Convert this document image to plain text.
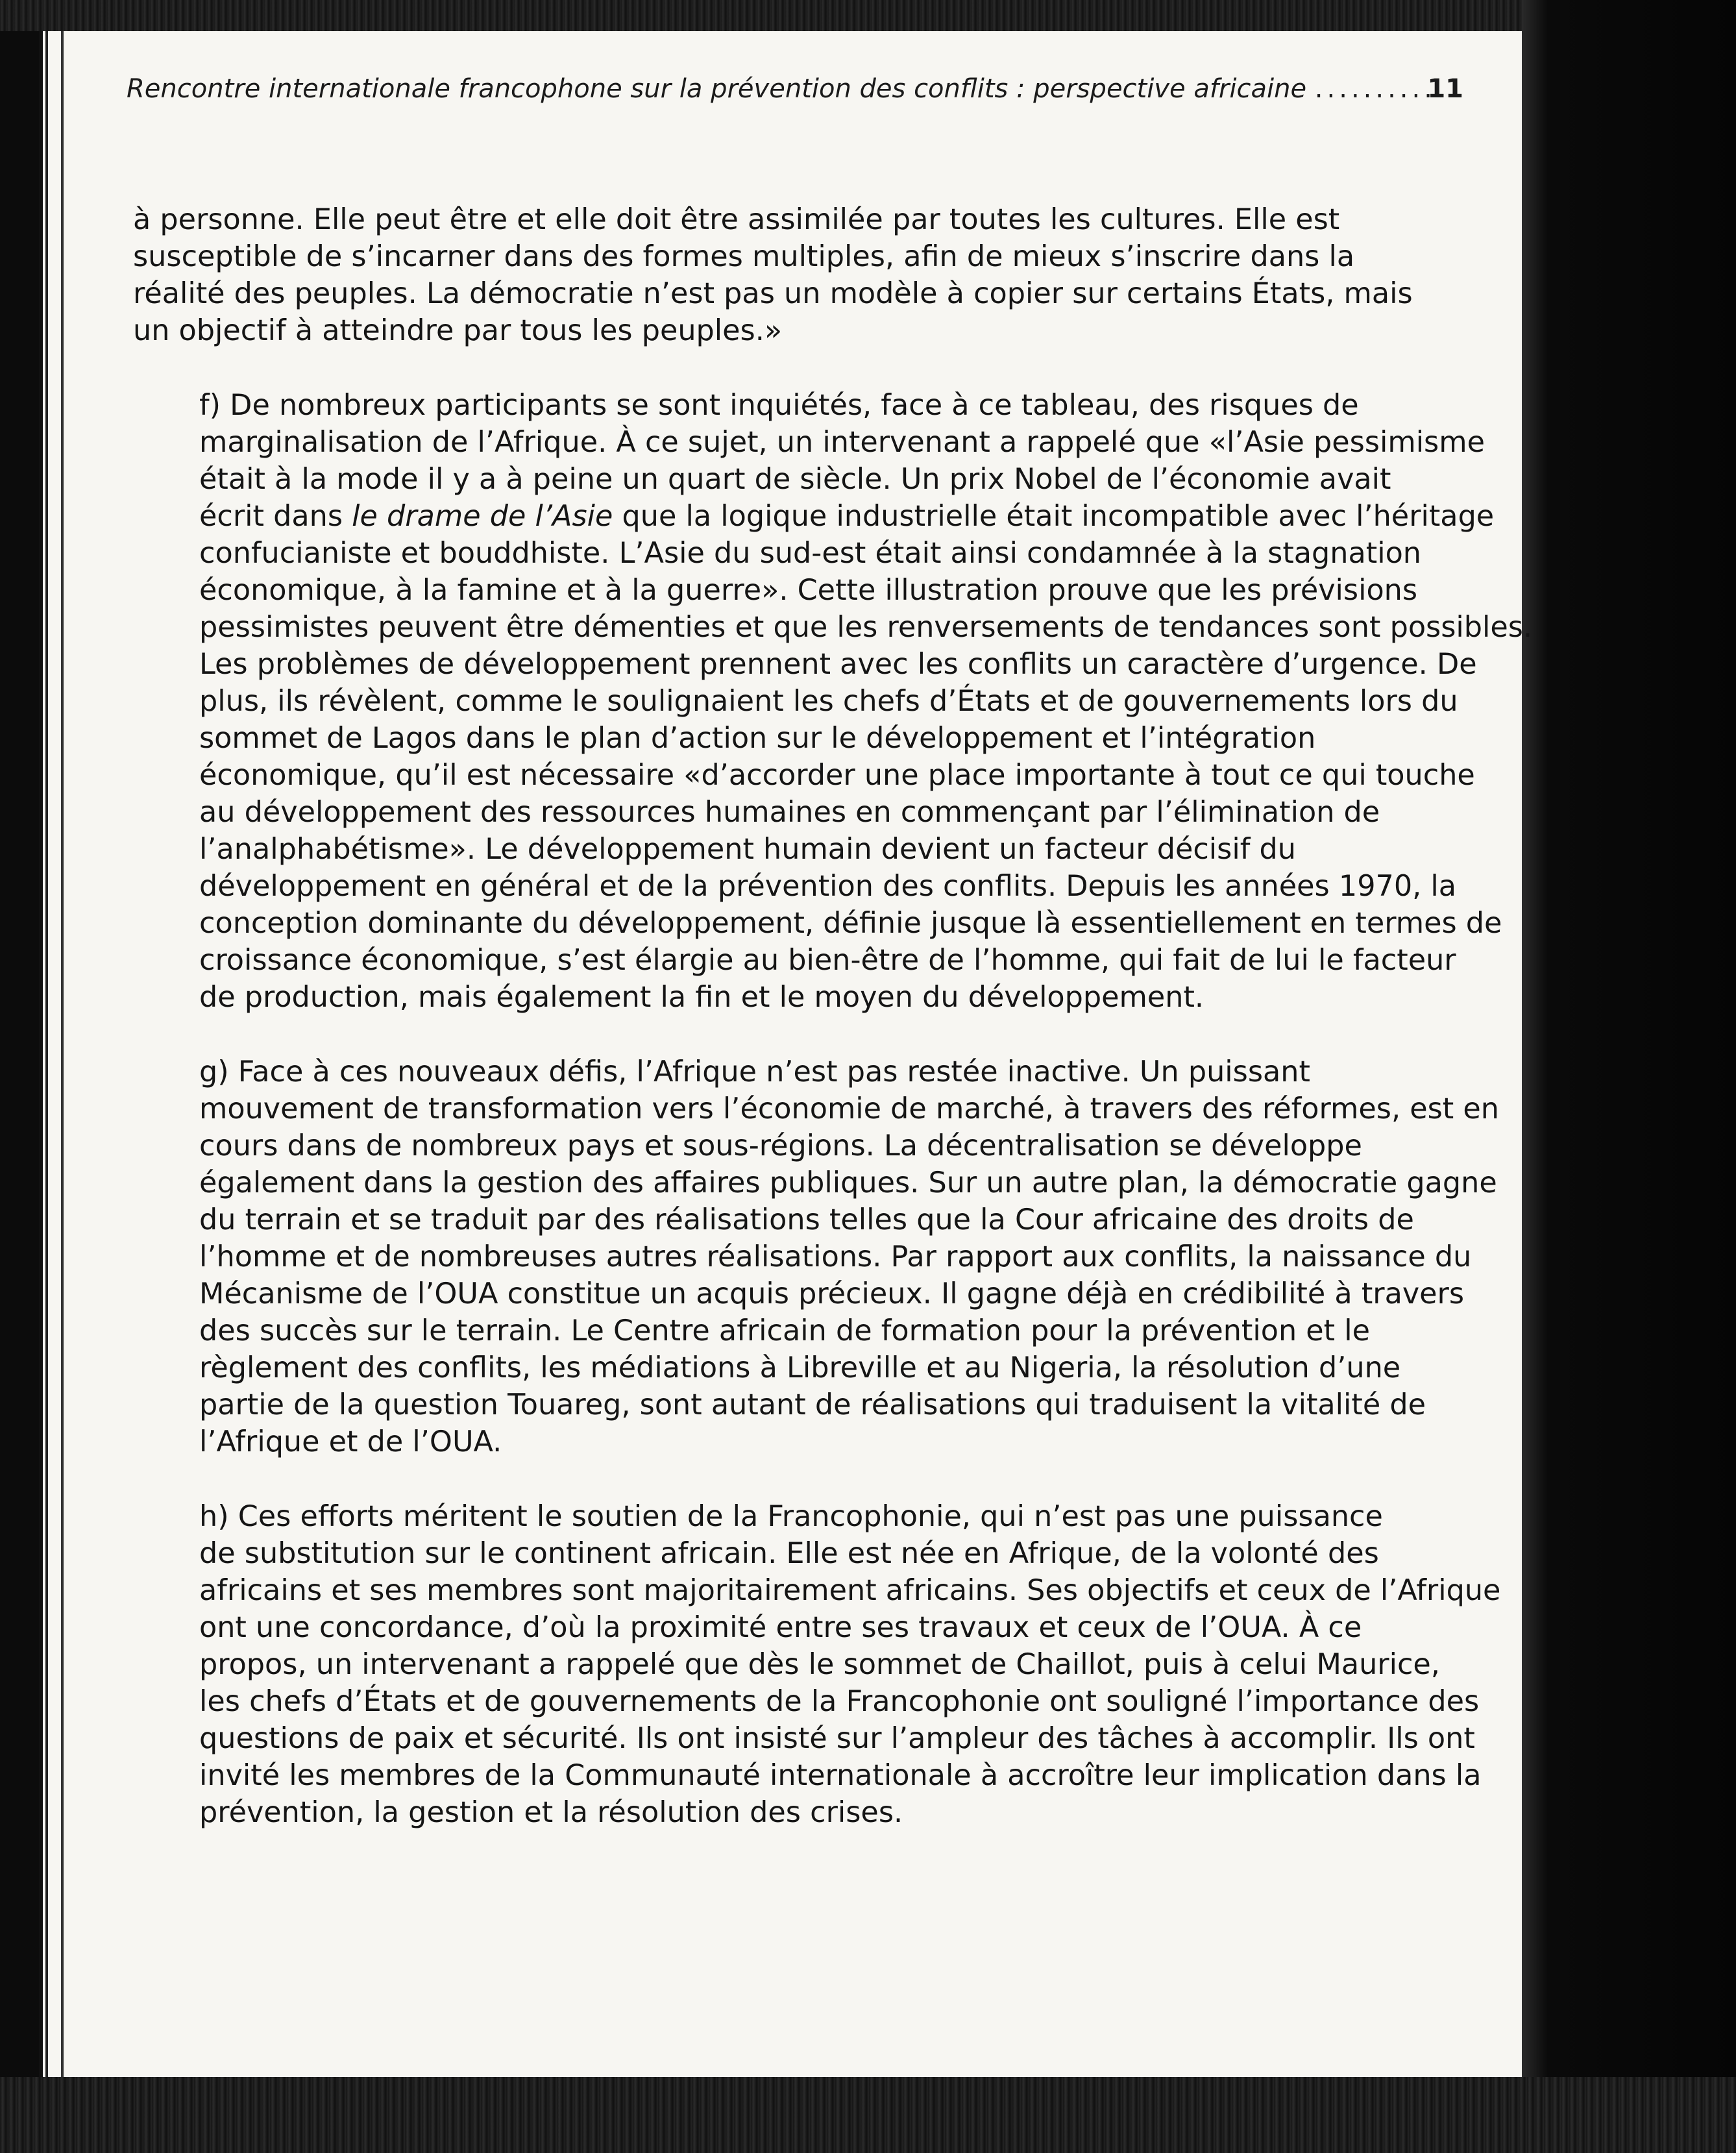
Rencontre internationale francophone sur la prévention des conflits : perspective africaine ..........
11

à personne. Elle peut être et elle doit être assimilée par toutes les cultures. Elle est
susceptible de s’incarner dans des formes multiples, afin de mieux s’inscrire dans la
réalité des peuples. La démocratie n’est pas un modèle à copier sur certains États, mais
un objectif à atteindre par tous les peuples.»

f) De nombreux participants se sont inquiétés, face à ce tableau, des risques de
marginalisation de l’Afrique. À ce sujet, un intervenant a rappelé que «l’Asie pessimisme
était à la mode il y a à peine un quart de siècle. Un prix Nobel de l’économie avait
écrit dans le drame de l’Asie que la logique industrielle était incompatible avec l’héritage
confucianiste et bouddhiste. L’Asie du sud-est était ainsi condamnée à la stagnation
économique, à la famine et à la guerre». Cette illustration prouve que les prévisions
pessimistes peuvent être démenties et que les renversements de tendances sont possibles.
Les problèmes de développement prennent avec les conflits un caractère d’urgence. De
plus, ils révèlent, comme le soulignaient les chefs d’États et de gouvernements lors du
sommet de Lagos dans le plan d’action sur le développement et l’intégration
économique, qu’il est nécessaire «d’accorder une place importante à tout ce qui touche
au développement des ressources humaines en commençant par l’élimination de
l’analphabétisme». Le développement humain devient un facteur décisif du
développement en général et de la prévention des conflits. Depuis les années 1970, la
conception dominante du développement, définie jusque là essentiellement en termes de
croissance économique, s’est élargie au bien-être de l’homme, qui fait de lui le facteur
de production, mais également la fin et le moyen du développement.

g) Face à ces nouveaux défis, l’Afrique n’est pas restée inactive. Un puissant
mouvement de transformation vers l’économie de marché, à travers des réformes, est en
cours dans de nombreux pays et sous-régions. La décentralisation se développe
également dans la gestion des affaires publiques. Sur un autre plan, la démocratie gagne
du terrain et se traduit par des réalisations telles que la Cour africaine des droits de
l’homme et de nombreuses autres réalisations. Par rapport aux conflits, la naissance du
Mécanisme de l’OUA constitue un acquis précieux. Il gagne déjà en crédibilité à travers
des succès sur le terrain. Le Centre africain de formation pour la prévention et le
règlement des conflits, les médiations à Libreville et au Nigeria, la résolution d’une
partie de la question Touareg, sont autant de réalisations qui traduisent la vitalité de
l’Afrique et de l’OUA.

h) Ces efforts méritent le soutien de la Francophonie, qui n’est pas une puissance
de substitution sur le continent africain. Elle est née en Afrique, de la volonté des
africains et ses membres sont majoritairement africains. Ses objectifs et ceux de l’Afrique
ont une concordance, d’où la proximité entre ses travaux et ceux de l’OUA. À ce
propos, un intervenant a rappelé que dès le sommet de Chaillot, puis à celui Maurice,
les chefs d’États et de gouvernements de la Francophonie ont souligné l’importance des
questions de paix et sécurité. Ils ont insisté sur l’ampleur des tâches à accomplir. Ils ont
invité les membres de la Communauté internationale à accroître leur implication dans la
prévention, la gestion et la résolution des crises.
